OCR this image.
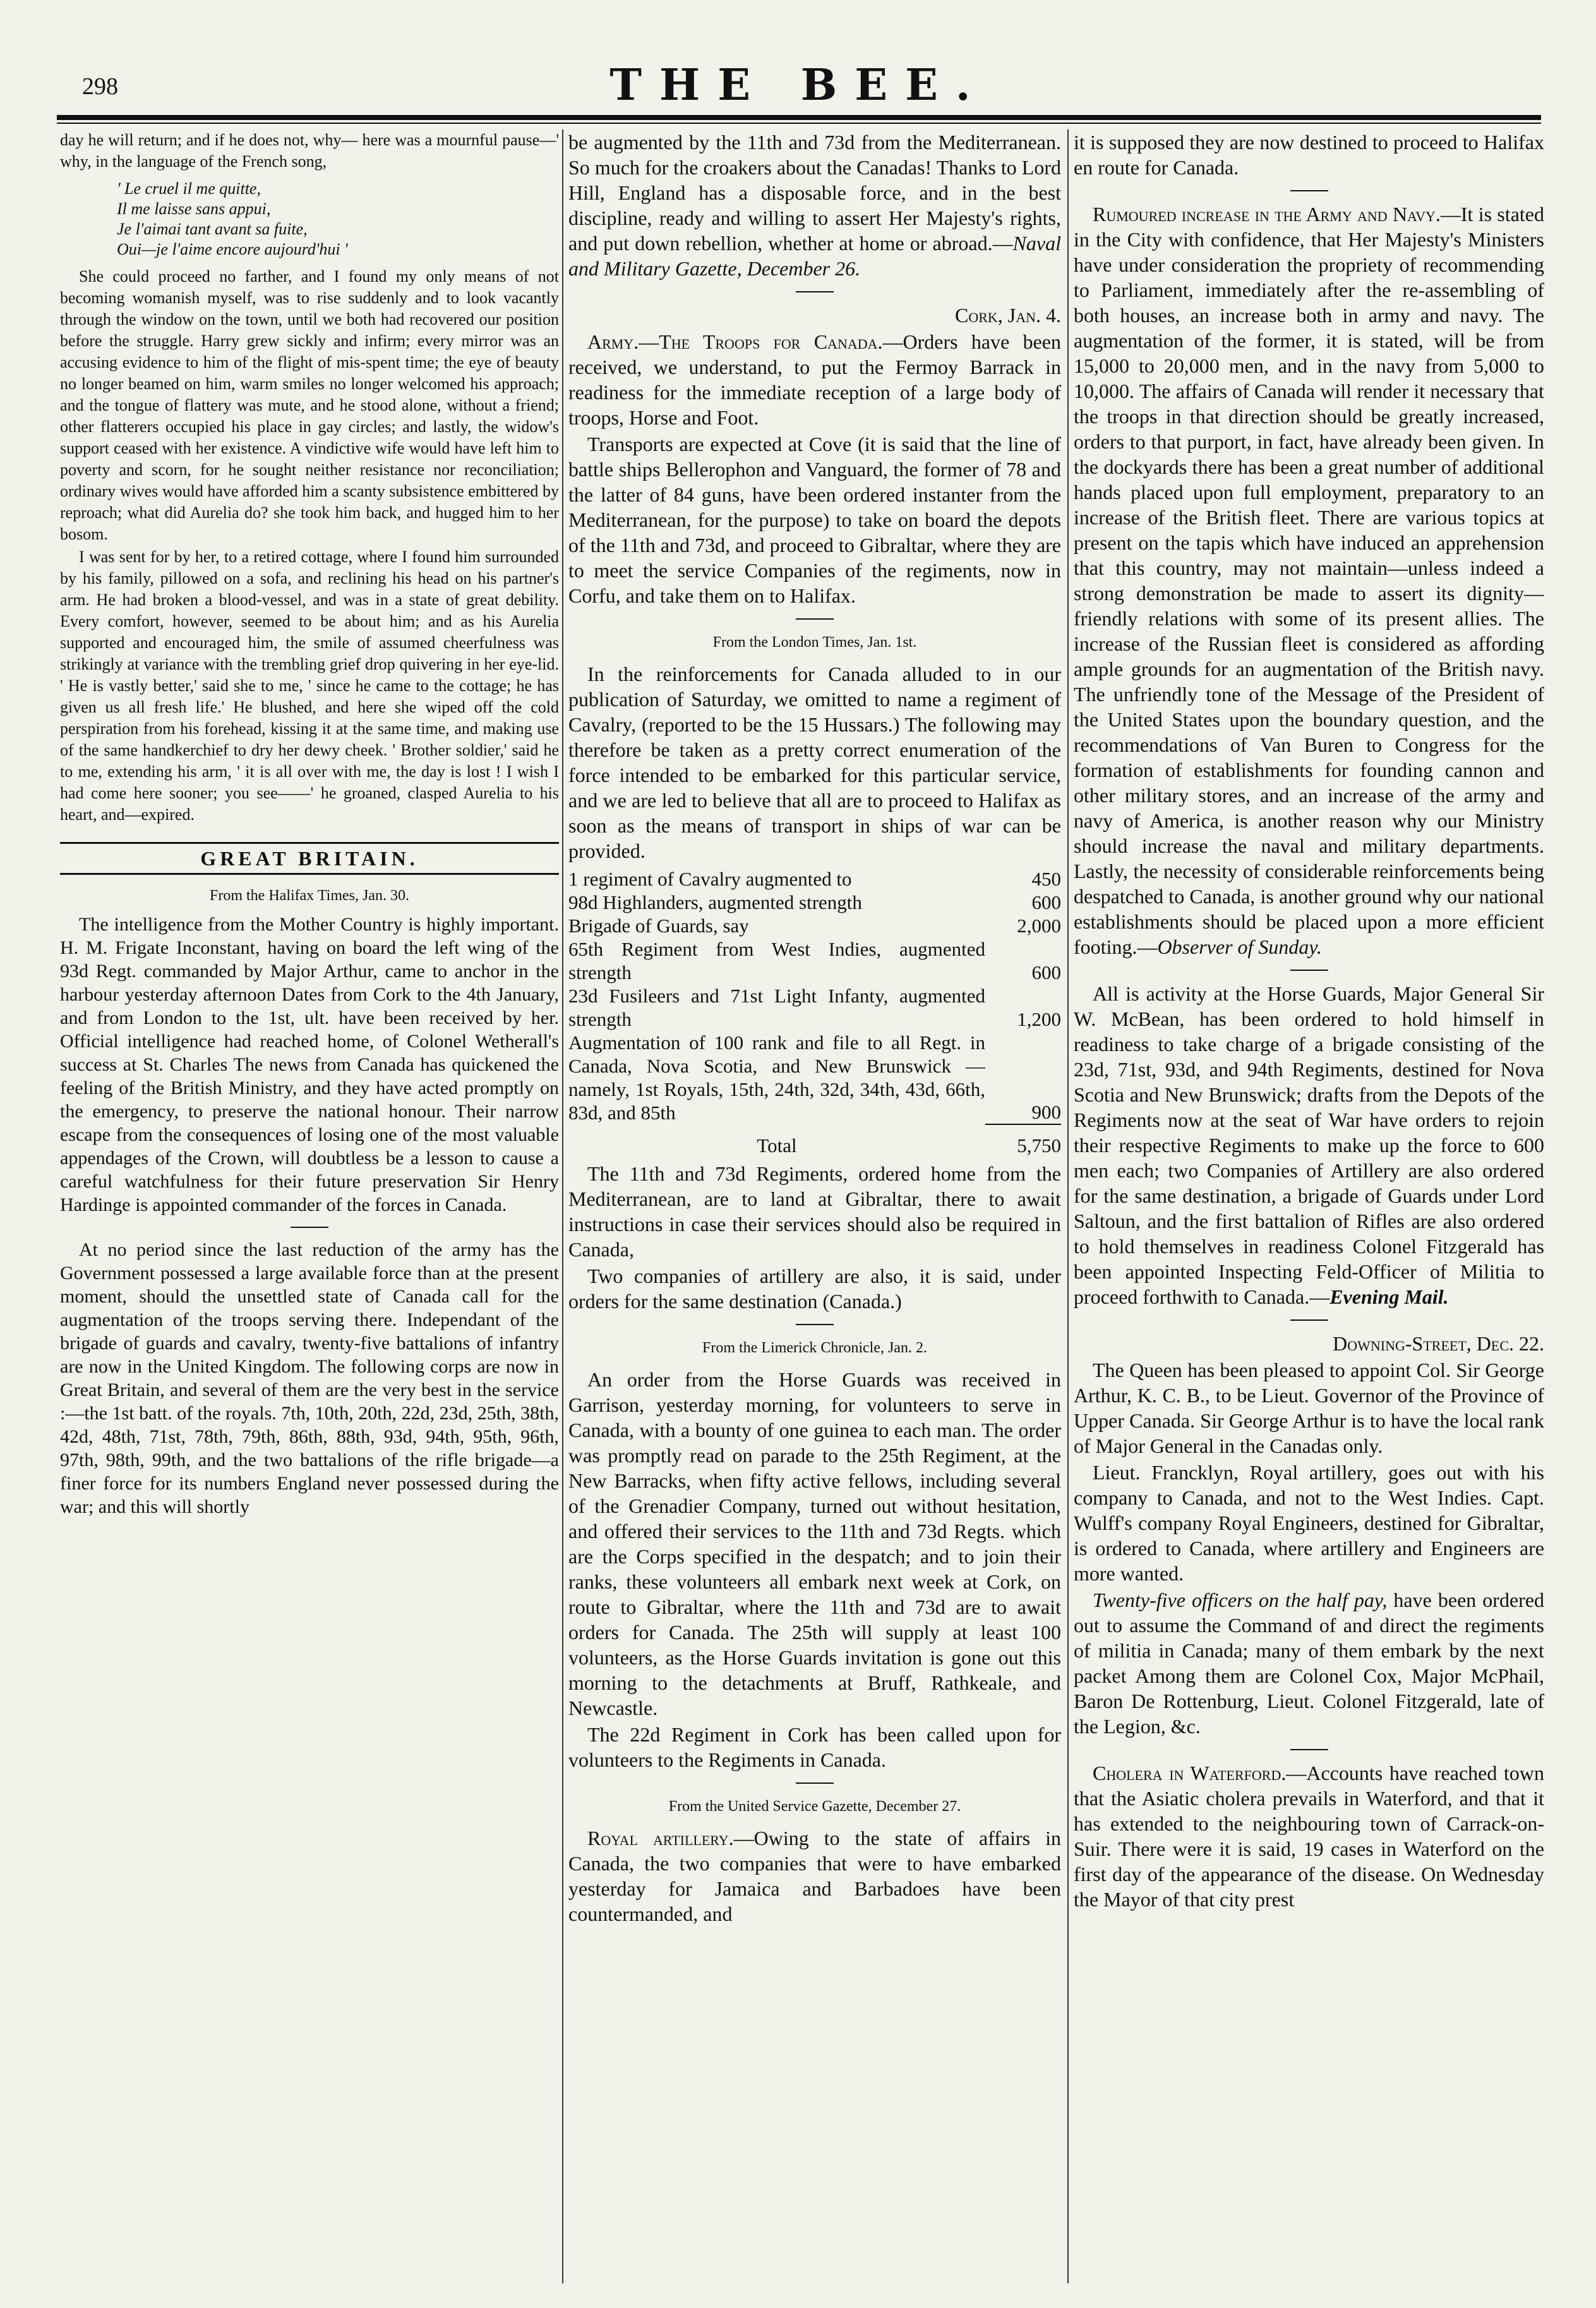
298	THE BEE.

day he will return; and if he does not, why— here was a mournful pause—' why, in the language of the French song,

' Le cruel il me quitte,
Il me laisse sans appui,
Je l'aimai tant avant sa fuite,
Oui—je l'aime encore aujourd'hui '

She could proceed no farther, and I found my only means of not becoming womanish myself, was to rise suddenly and to look vacantly through the window on the town, until we both had recovered our position before the struggle. Harry grew sickly and infirm; every mirror was an accusing evidence to him of the flight of mis-spent time; the eye of beauty no longer beamed on him, warm smiles no longer welcomed his approach; and the tongue of flattery was mute, and he stood alone, without a friend; other flatterers occupied his place in gay circles; and lastly, the widow's support ceased with her existence. A vindictive wife would have left him to poverty and scorn, for he sought neither resistance nor reconciliation; ordinary wives would have afforded him a scanty subsistence embittered by reproach; what did Aurelia do? she took him back, and hugged him to her bosom.

I was sent for by her, to a retired cottage, where I found him surrounded by his family, pillowed on a sofa, and reclining his head on his partner's arm. He had broken a blood-vessel, and was in a state of great debility. Every comfort, however, seemed to be about him; and as his Aurelia supported and encouraged him, the smile of assumed cheerfulness was strikingly at variance with the trembling grief drop quivering in her eye-lid. ' He is vastly better,' said she to me, ' since he came to the cottage; he has given us all fresh life.' He blushed, and here she wiped off the cold perspiration from his forehead, kissing it at the same time, and making use of the same handkerchief to dry her dewy cheek. ' Brother soldier,' said he to me, extending his arm, ' it is all over with me, the day is lost ! I wish I had come here sooner; you see——' he groaned, clasped Aurelia to his heart, and—expired.

GREAT BRITAIN.
From the Halifax Times, Jan. 30.

The intelligence from the Mother Country is highly important. H. M. Frigate Inconstant, having on board the left wing of the 93d Regt. commanded by Major Arthur, came to anchor in the harbour yesterday afternoon Dates from Cork to the 4th January, and from London to the 1st, ult. have been received by her. Official intelligence had reached home, of Colonel Wetherall's success at St. Charles The news from Canada has quickened the feeling of the British Ministry, and they have acted promptly on the emergency, to preserve the national honour. Their narrow escape from the consequences of losing one of the most valuable appendages of the Crown, will doubtless be a lesson to cause a careful watchfulness for their future preservation Sir Henry Hardinge is appointed commander of the forces in Canada.

At no period since the last reduction of the army has the Government possessed a large available force than at the present moment, should the unsettled state of Canada call for the augmentation of the troops serving there. Independant of the brigade of guards and cavalry, twenty-five battalions of infantry are now in the United Kingdom. The following corps are now in Great Britain, and several of them are the very best in the service :—the 1st batt. of the royals. 7th, 10th, 20th, 22d, 23d, 25th, 38th, 42d, 48th, 71st, 78th, 79th, 86th, 88th, 93d, 94th, 95th, 96th, 97th, 98th, 99th, and the two battalions of the rifle brigade—a finer force for its numbers England never possessed during the war; and this will shortly

be augmented by the 11th and 73d from the Mediterranean. So much for the croakers about the Canadas! Thanks to Lord Hill, England has a disposable force, and in the best discipline, ready and willing to assert Her Majesty's rights, and put down rebellion, whether at home or abroad.—Naval and Military Gazette, December 26.

Cork, Jan. 4.

Army.—The Troops for Canada.—Orders have been received, we understand, to put the Fermoy Barrack in readiness for the immediate reception of a large body of troops, Horse and Foot.

Transports are expected at Cove (it is said that the line of battle ships Bellerophon and Vanguard, the former of 78 and the latter of 84 guns, have been ordered instanter from the Mediterranean, for the purpose) to take on board the depots of the 11th and 73d, and proceed to Gibraltar, where they are to meet the service Companies of the regiments, now in Corfu, and take them on to Halifax.

From the London Times, Jan. 1st.

In the reinforcements for Canada alluded to in our publication of Saturday, we omitted to name a regiment of Cavalry, (reported to be the 15 Hussars.) The following may therefore be taken as a pretty correct enumeration of the force intended to be embarked for this particular service, and we are led to believe that all are to proceed to Halifax as soon as the means of transport in ships of war can be provided.

1 regiment of Cavalry augmented to	450
98d Highlanders, augmented strength	600
Brigade of Guards, say	2,000
65th Regiment from West Indies, augmented strength	600
23d Fusileers and 71st Light Infanty, augmented strength	1,200
Augmentation of 100 rank and file to all Regt. in Canada, Nova Scotia, and New Brunswick — namely, 1st Royals, 15th, 24th, 32d, 34th, 43d, 66th, 83d, and 85th	900
Total	5,750

The 11th and 73d Regiments, ordered home from the Mediterranean, are to land at Gibraltar, there to await instructions in case their services should also be required in Canada,

Two companies of artillery are also, it is said, under orders for the same destination (Canada.)

From the Limerick Chronicle, Jan. 2.

An order from the Horse Guards was received in Garrison, yesterday morning, for volunteers to serve in Canada, with a bounty of one guinea to each man. The order was promptly read on parade to the 25th Regiment, at the New Barracks, when fifty active fellows, including several of the Grenadier Company, turned out without hesitation, and offered their services to the 11th and 73d Regts. which are the Corps specified in the despatch; and to join their ranks, these volunteers all embark next week at Cork, on route to Gibraltar, where the 11th and 73d are to await orders for Canada. The 25th will supply at least 100 volunteers, as the Horse Guards invitation is gone out this morning to the detachments at Bruff, Rathkeale, and Newcastle.

The 22d Regiment in Cork has been called upon for volunteers to the Regiments in Canada.

From the United Service Gazette, December 27.

Royal artillery.—Owing to the state of affairs in Canada, the two companies that were to have embarked yesterday for Jamaica and Barbadoes have been countermanded, and

it is supposed they are now destined to proceed to Halifax en route for Canada.

Rumoured increase in the Army and Navy.—It is stated in the City with confidence, that Her Majesty's Ministers have under consideration the propriety of recommending to Parliament, immediately after the re-assembling of both houses, an increase both in army and navy. The augmentation of the former, it is stated, will be from 15,000 to 20,000 men, and in the navy from 5,000 to 10,000. The affairs of Canada will render it necessary that the troops in that direction should be greatly increased, orders to that purport, in fact, have already been given. In the dockyards there has been a great number of additional hands placed upon full employment, preparatory to an increase of the British fleet. There are various topics at present on the tapis which have induced an apprehension that this country, may not maintain—unless indeed a strong demonstration be made to assert its dignity—friendly relations with some of its present allies. The increase of the Russian fleet is considered as affording ample grounds for an augmentation of the British navy. The unfriendly tone of the Message of the President of the United States upon the boundary question, and the recommendations of Van Buren to Congress for the formation of establishments for founding cannon and other military stores, and an increase of the army and navy of America, is another reason why our Ministry should increase the naval and military departments. Lastly, the necessity of considerable reinforcements being despatched to Canada, is another ground why our national establishments should be placed upon a more efficient footing.—Observer of Sunday.

All is activity at the Horse Guards, Major General Sir W. McBean, has been ordered to hold himself in readiness to take charge of a brigade consisting of the 23d, 71st, 93d, and 94th Regiments, destined for Nova Scotia and New Brunswick; drafts from the Depots of the Regiments now at the seat of War have orders to rejoin their respective Regiments to make up the force to 600 men each; two Companies of Artillery are also ordered for the same destination, a brigade of Guards under Lord Saltoun, and the first battalion of Rifles are also ordered to hold themselves in readiness Colonel Fitzgerald has been appointed Inspecting Feld-Officer of Militia to proceed forthwith to Canada.—Evening Mail.

Downing-Street, Dec. 22.

The Queen has been pleased to appoint Col. Sir George Arthur, K. C. B., to be Lieut. Governor of the Province of Upper Canada. Sir George Arthur is to have the local rank of Major General in the Canadas only.

Lieut. Francklyn, Royal artillery, goes out with his company to Canada, and not to the West Indies. Capt. Wulff's company Royal Engineers, destined for Gibraltar, is ordered to Canada, where artillery and Engineers are more wanted.

Twenty-five officers on the half pay, have been ordered out to assume the Command of and direct the regiments of militia in Canada; many of them embark by the next packet Among them are Colonel Cox, Major McPhail, Baron De Rottenburg, Lieut. Colonel Fitzgerald, late of the Legion, &c.

Cholera in Waterford.—Accounts have reached town that the Asiatic cholera prevails in Waterford, and that it has extended to the neighbouring town of Carrack-on-Suir. There were it is said, 19 cases in Waterford on the first day of the appearance of the disease. On Wednesday the Mayor of that city prest
